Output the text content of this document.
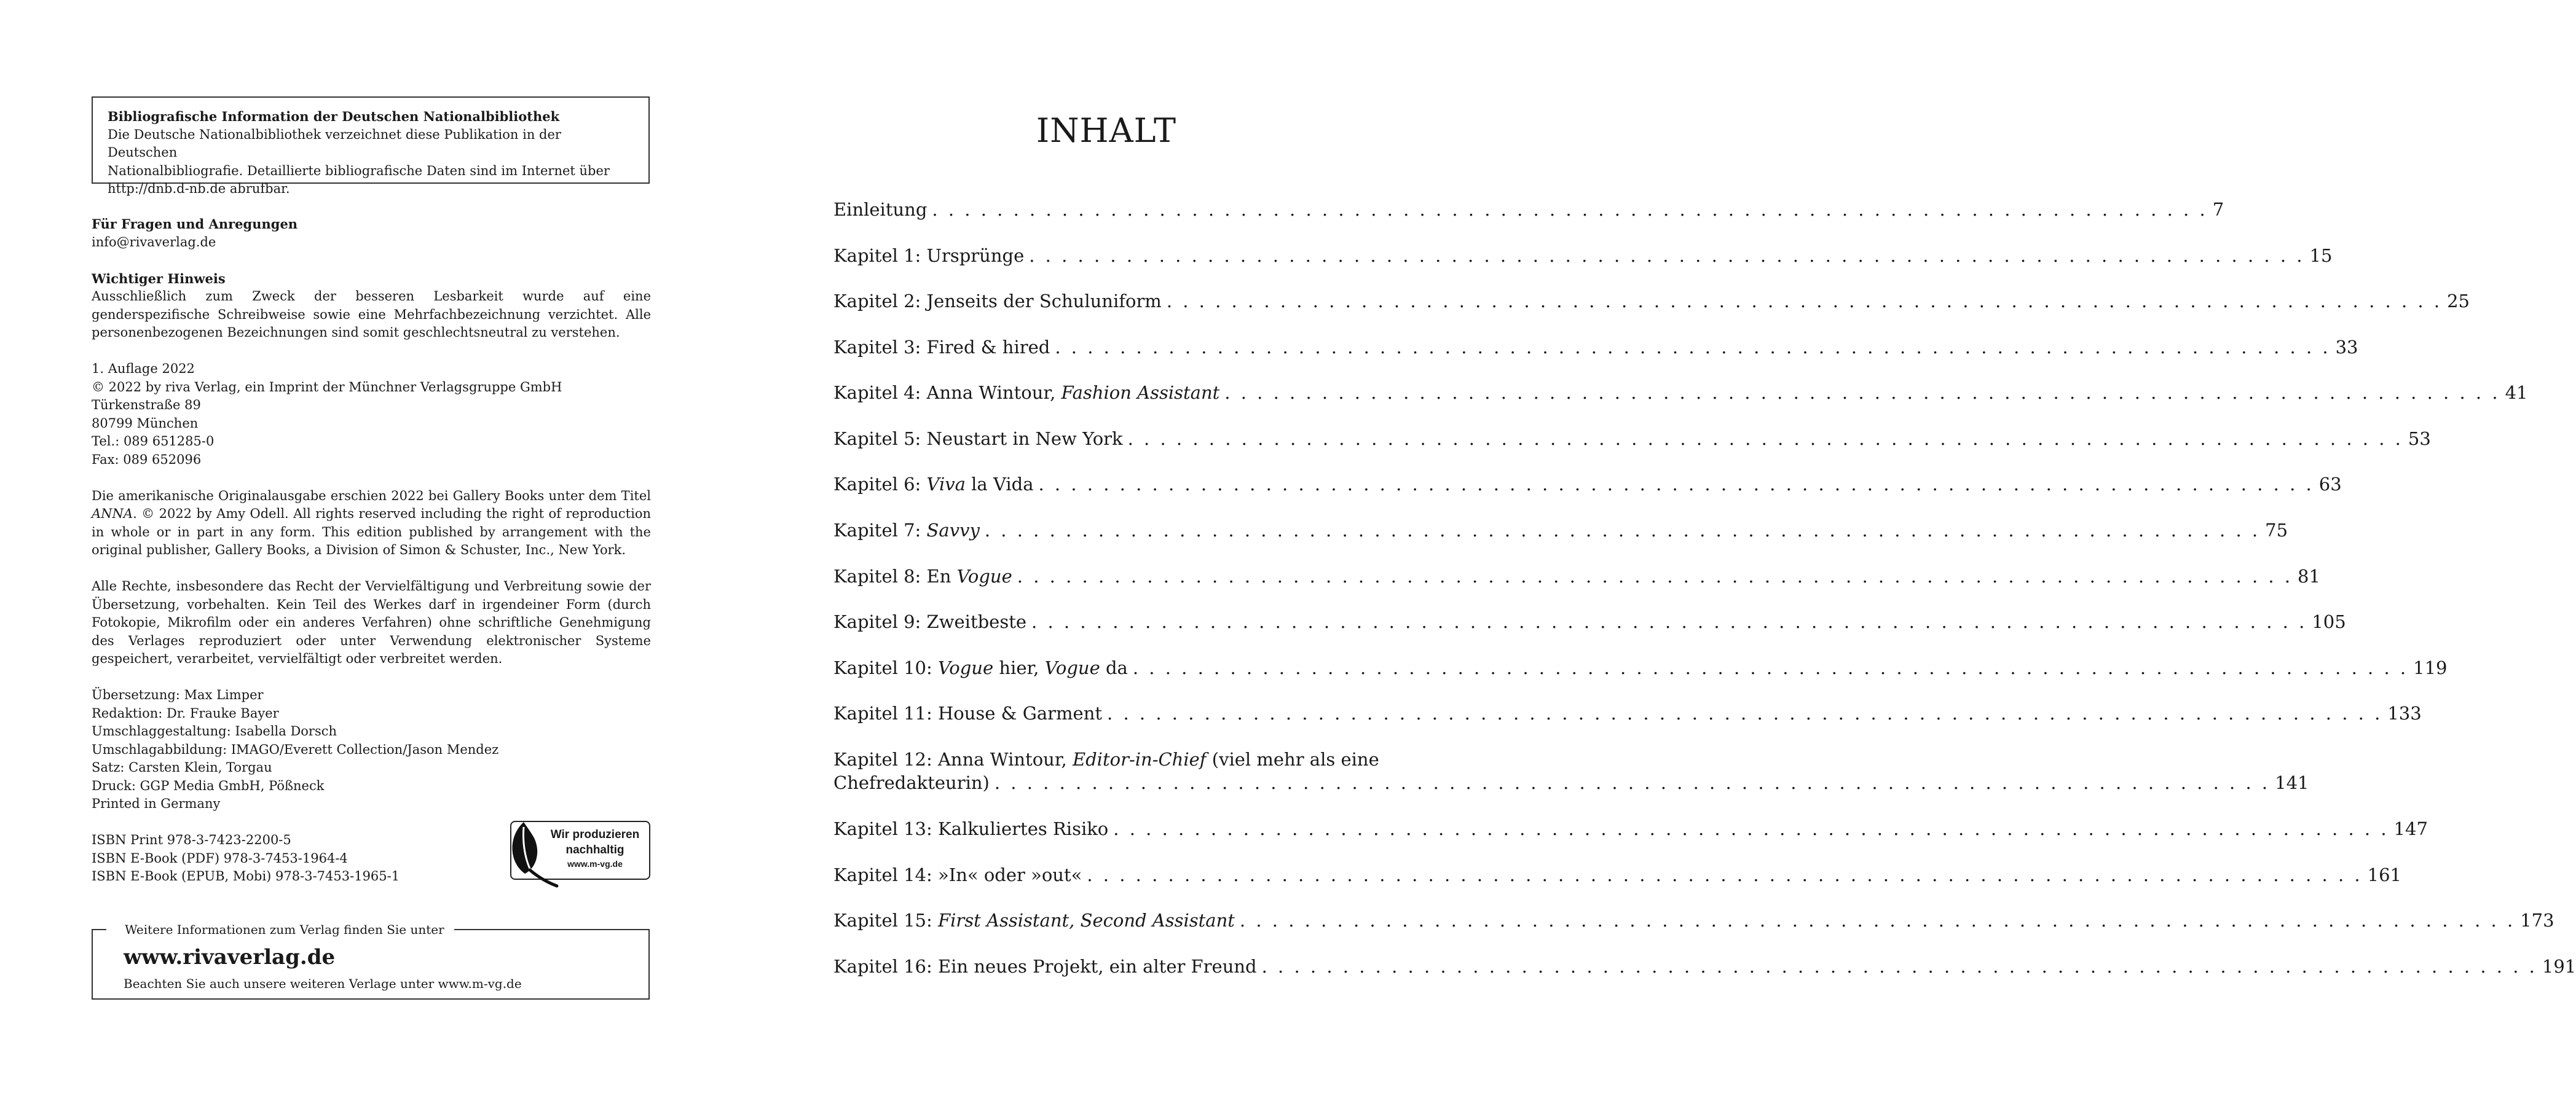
Bibliografische Information der Deutschen Nationalbibliothek

Die Deutsche Nationalbibliothek verzeichnet diese Publikation in der Deutschen

Nationalbibliografie. Detaillierte bibliografische Daten sind im Internet über

http://dnb.d-nb.de abrufbar.

Für Fragen und Anregungen

info@rivaverlag.de

Wichtiger Hinweis

Ausschließlich zum Zweck der besseren Lesbarkeit wurde auf eine genderspezifische Schreibweise sowie eine Mehrfachbezeichnung verzichtet. Alle personenbezogenen Bezeichnungen sind somit geschlechtsneutral zu verstehen.

1. Auflage 2022

© 2022 by riva Verlag, ein Imprint der Münchner Verlagsgruppe GmbH

Türkenstraße 89

80799 München

Tel.: 089 651285-0

Fax: 089 652096

Die amerikanische Originalausgabe erschien 2022 bei Gallery Books unter dem Titel ANNA. © 2022 by Amy Odell. All rights reserved including the right of reproduction in whole or in part in any form. This edition published by arrangement with the original publisher, Gallery Books, a Division of Simon & Schuster, Inc., New York.

Alle Rechte, insbesondere das Recht der Vervielfältigung und Verbreitung sowie der Übersetzung, vorbehalten. Kein Teil des Werkes darf in irgendeiner Form (durch Fotokopie, Mikrofilm oder ein anderes Verfahren) ohne schriftliche Genehmigung des Verlages reproduziert oder unter Verwendung elektronischer Systeme gespeichert, verarbeitet, vervielfältigt oder verbreitet werden.

Übersetzung: Max Limper

Redaktion: Dr. Frauke Bayer

Umschlaggestaltung: Isabella Dorsch

Umschlagabbildung: IMAGO/Everett Collection/Jason Mendez

Satz: Carsten Klein, Torgau

Druck: GGP Media GmbH, Pößneck

Printed in Germany

ISBN Print 978-3-7423-2200-5

ISBN E-Book (PDF) 978-3-7453-1964-4

ISBN E-Book (EPUB, Mobi) 978-3-7453-1965-1

Wir produzieren
nachhaltig
www.m-vg.de
Weitere Informationen zum Verlag finden Sie unter
www.rivaverlag.de
Beachten Sie auch unsere weiteren Verlage unter www.m-vg.de
INHALT
Einleitung . . .	7
Kapitel 1: Ursprünge . . .	15
Kapitel 2: Jenseits der Schuluniform . . .	25
Kapitel 3: Fired & hired . . .	33
Kapitel 4: Anna Wintour, Fashion Assistant . . .	41
Kapitel 5: Neustart in New York . . .	53
Kapitel 6: Viva la Vida . . .	63
Kapitel 7: Savvy . . .	75
Kapitel 8: En Vogue . . .	81
Kapitel 9: Zweitbeste . . .	105
Kapitel 10: Vogue hier, Vogue da . . .	119
Kapitel 11: House & Garment . . .	133
Kapitel 12: Anna Wintour, Editor-in-Chief (viel mehr als eine
Chefredakteurin) . . .	141
Kapitel 13: Kalkuliertes Risiko . . .	147
Kapitel 14: »In« oder »out« . . .	161
Kapitel 15: First Assistant, Second Assistant . . .	173
Kapitel 16: Ein neues Projekt, ein alter Freund . . .	191
